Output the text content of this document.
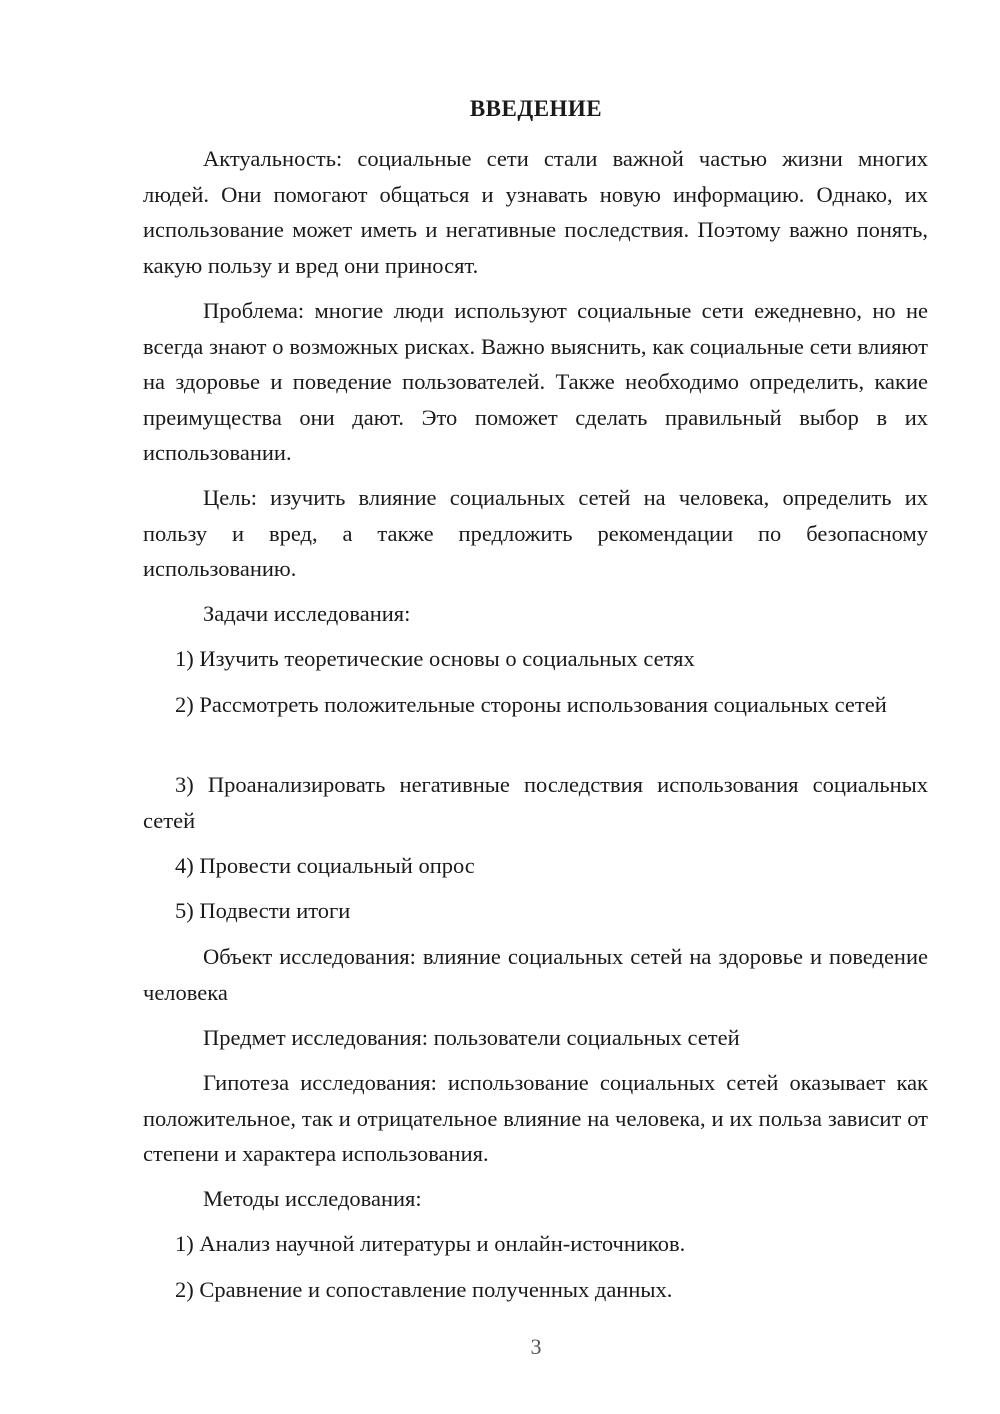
ВВЕДЕНИЕ

Актуальность: социальные сети стали важной частью жизни многих людей. Они помогают общаться и узнавать новую информацию. Однако, их использование может иметь и негативные последствия. Поэтому важно понять, какую пользу и вред они приносят.

Проблема: многие люди используют социальные сети ежедневно, но не всегда знают о возможных рисках. Важно выяснить, как социальные сети влияют на здоровье и поведение пользователей. Также необходимо определить, какие преимущества они дают. Это поможет сделать правильный выбор в их использовании.

Цель: изучить влияние социальных сетей на человека, определить их пользу и вред, а также предложить рекомендации по безопасному использованию.

Задачи исследования:

1) Изучить теоретические основы о социальных сетях

2) Рассмотреть положительные стороны использования социальных сетей

3) Проанализировать негативные последствия использования социальных сетей

4) Провести социальный опрос

5) Подвести итоги

Объект исследования: влияние социальных сетей на здоровье и поведение человека

Предмет исследования: пользователи социальных сетей

Гипотеза исследования: использование социальных сетей оказывает как положительное, так и отрицательное влияние на человека, и их польза зависит от степени и характера использования.

Методы исследования:

1) Анализ научной литературы и онлайн-источников.

2) Сравнение и сопоставление полученных данных.

3
